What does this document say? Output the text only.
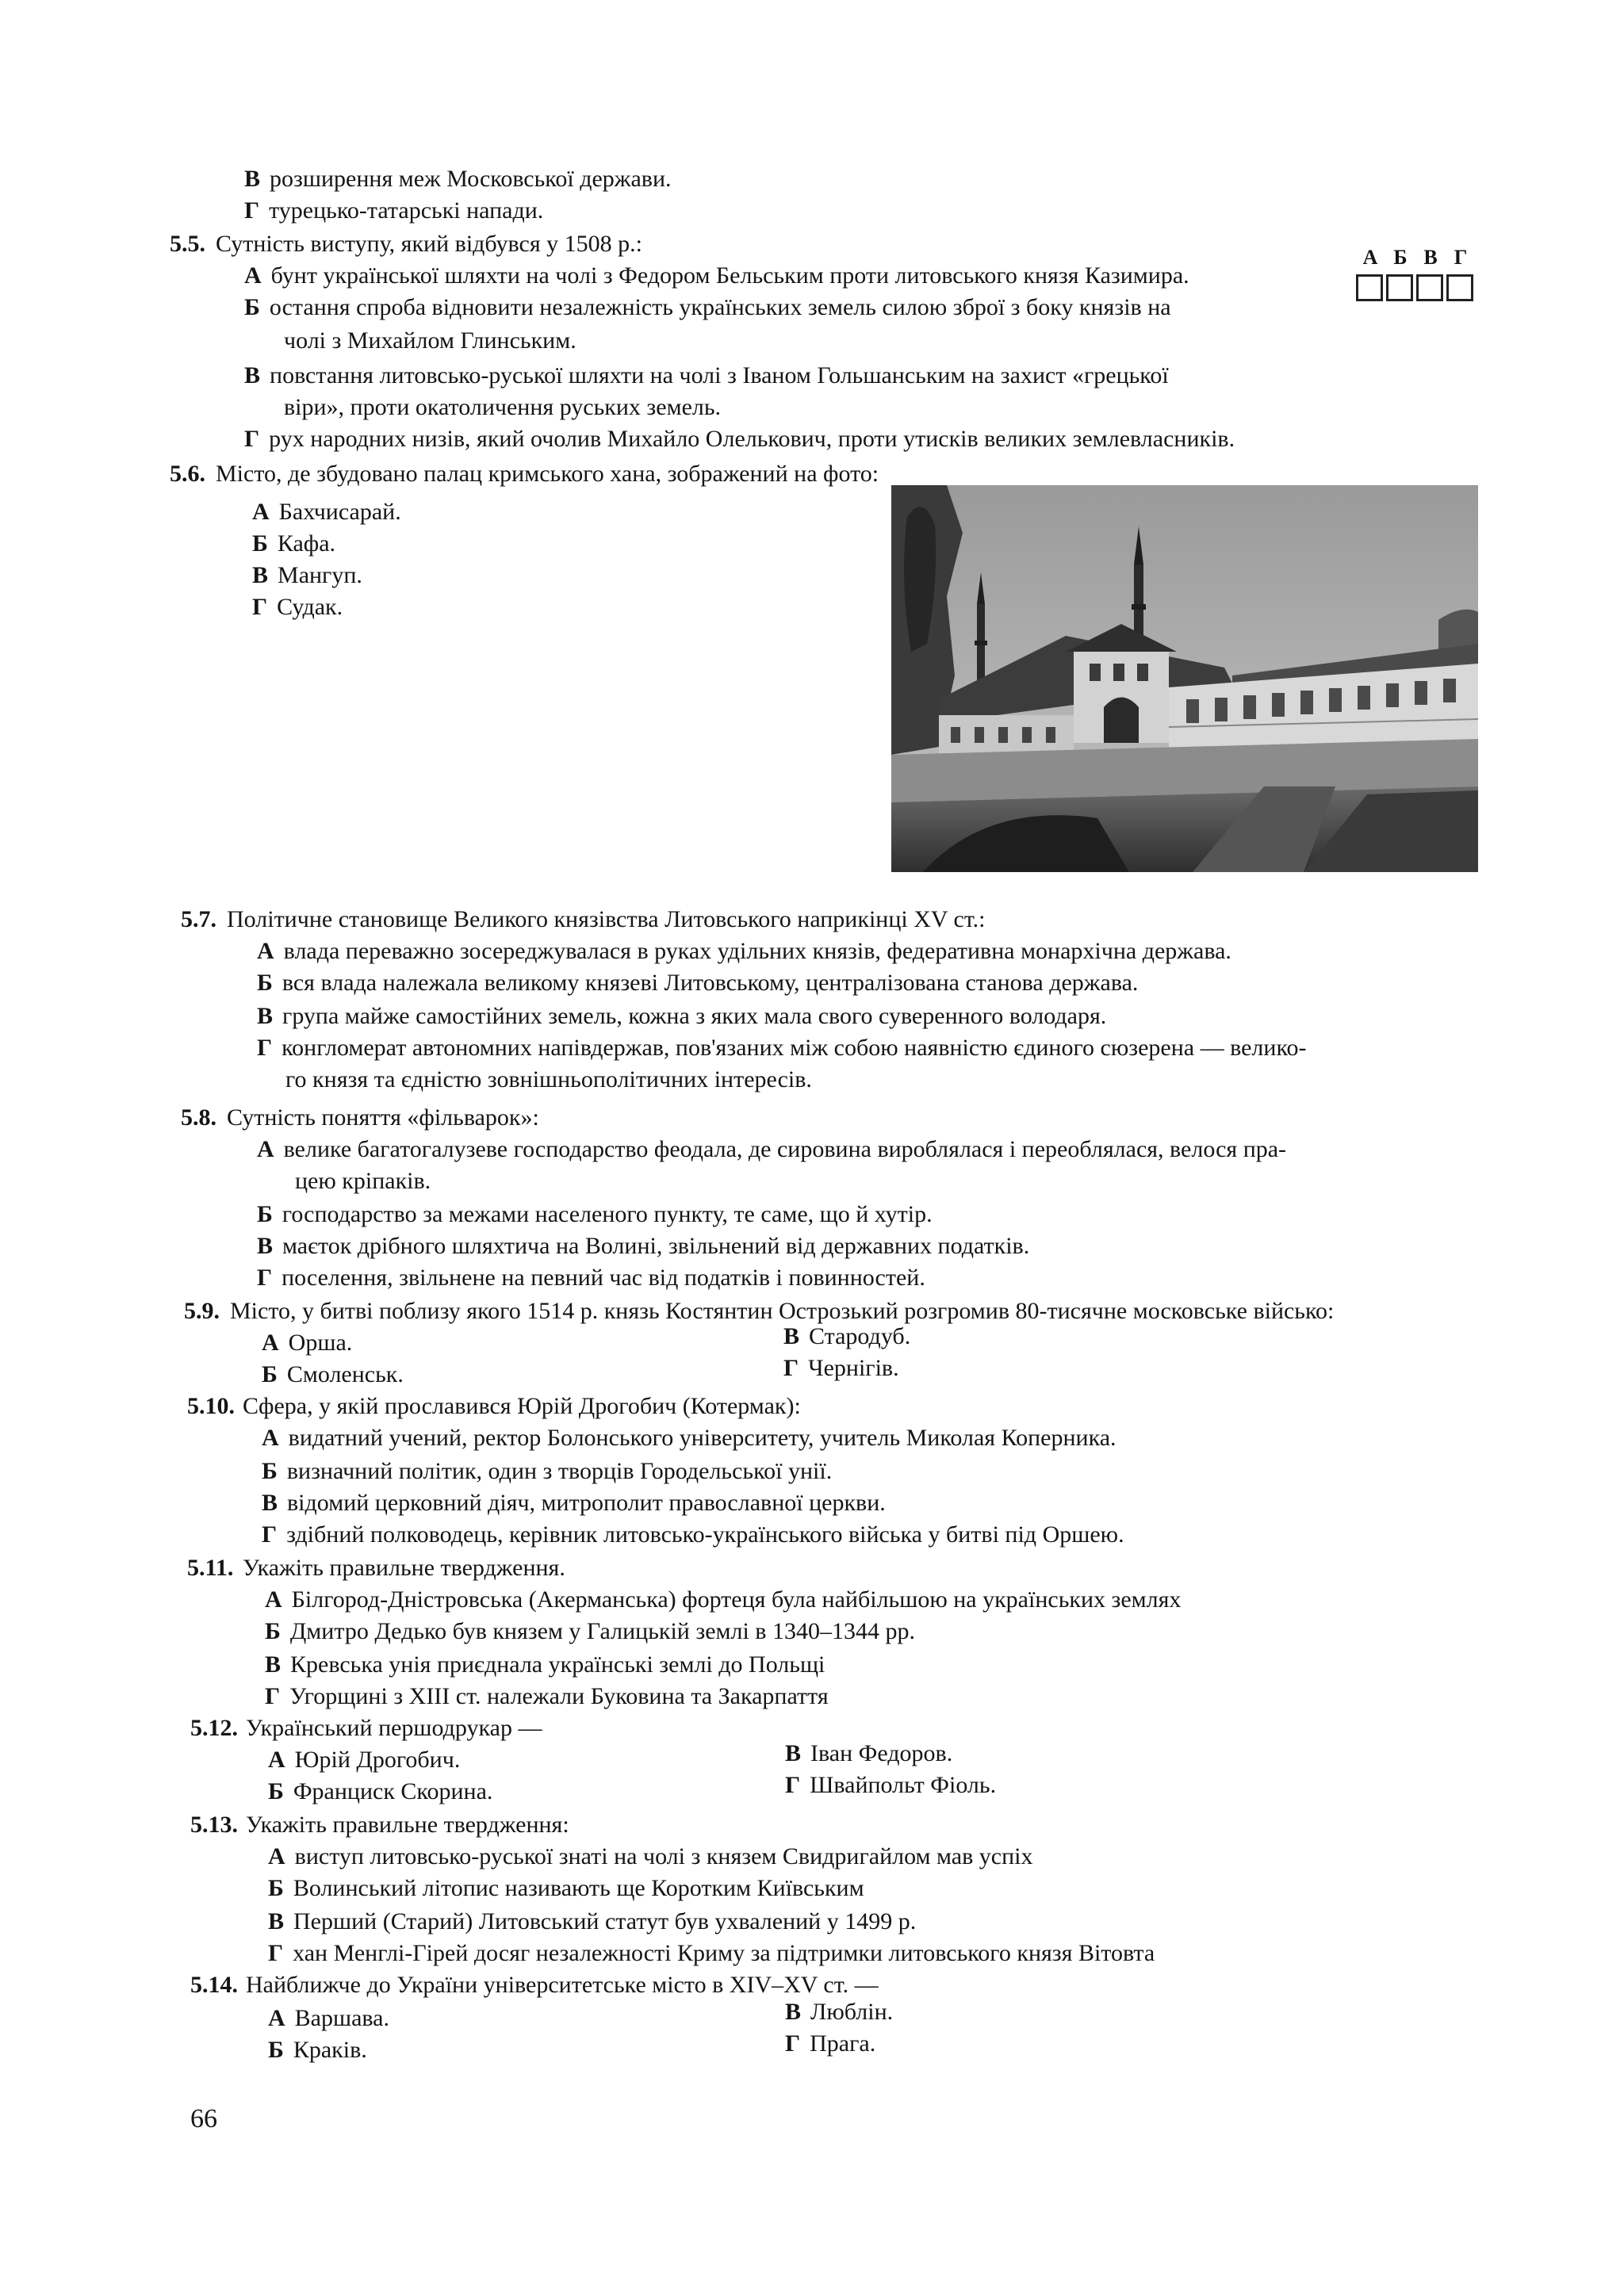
В розширення меж Московської держави.
Г турецько-татарські напади.
5.5. Сутність виступу, який відбувся у 1508 р.:
А бунт української шляхти на чолі з Федором Бельським проти литовського князя Казимира.
Б остання спроба відновити незалежність українських земель силою зброї з боку князів на
чолі з Михайлом Глинським.
В повстання литовсько-руської шляхти на чолі з Іваном Гольшанським на захист «грецької
віри», проти окатоличення руських земель.
Г рух народних низів, який очолив Михайло Олелькович, проти утисків великих землевласників.
5.6. Місто, де збудовано палац кримського хана, зображений на фото:
А Бахчисарай.
Б Кафа.
В Мангуп.
Г Судак.
5.7. Політичне становище Великого князівства Литовського наприкінці XV ст.:
А влада переважно зосереджувалася в руках удільних князів, федеративна монархічна держава.
Б вся влада належала великому князеві Литовському, централізована станова держава.
В група майже самостійних земель, кожна з яких мала свого суверенного володаря.
Г конгломерат автономних напівдержав, пов'язаних між собою наявністю єдиного сюзерена — велико-
го князя та єдністю зовнішньополітичних інтересів.
5.8. Сутність поняття «фільварок»:
А велике багатогалузеве господарство феодала, де сировина вироблялася і переоблялася, велося пра-
цею кріпаків.
Б господарство за межами населеного пункту, те саме, що й хутір.
В маєток дрібного шляхтича на Волині, звільнений від державних податків.
Г поселення, звільнене на певний час від податків і повинностей.
5.9. Місто, у битві поблизу якого 1514 р. князь Костянтин Острозький розгромив 80-тисячне московське військо:
А Орша.	В Стародуб.
Б Смоленськ.	Г Чернігів.
5.10. Сфера, у якій прославився Юрій Дрогобич (Котермак):
А видатний учений, ректор Болонського університету, учитель Миколая Коперника.
Б визначний політик, один з творців Городельської унії.
В відомий церковний діяч, митрополит православної церкви.
Г здібний полководець, керівник литовсько-українського війська у битві під Оршею.
5.11. Укажіть правильне твердження.
А Білгород-Дністровська (Акерманська) фортеця була найбільшою на українських землях
Б Дмитро Дедько був князем у Галицькій землі в 1340–1344 рр.
В Кревська унія приєднала українські землі до Польщі
Г Угорщині з XIII ст. належали Буковина та Закарпаття
5.12. Український першодрукар —
А Юрій Дрогобич.	В Іван Федоров.
Б Франциск Скорина.	Г Швайпольт Фіоль.
5.13. Укажіть правильне твердження:
А виступ литовсько-руської знаті на чолі з князем Свидригайлом мав успіх
Б Волинський літопис називають ще Коротким Київським
В Перший (Старий) Литовський статут був ухвалений у 1499 р.
Г хан Менглі-Гірей досяг незалежності Криму за підтримки литовського князя Вітовта
5.14. Найближче до України університетське місто в XIV–XV ст. —
А Варшава.	В Люблін.
Б Краків.	Г Прага.
А Б В Г
66
